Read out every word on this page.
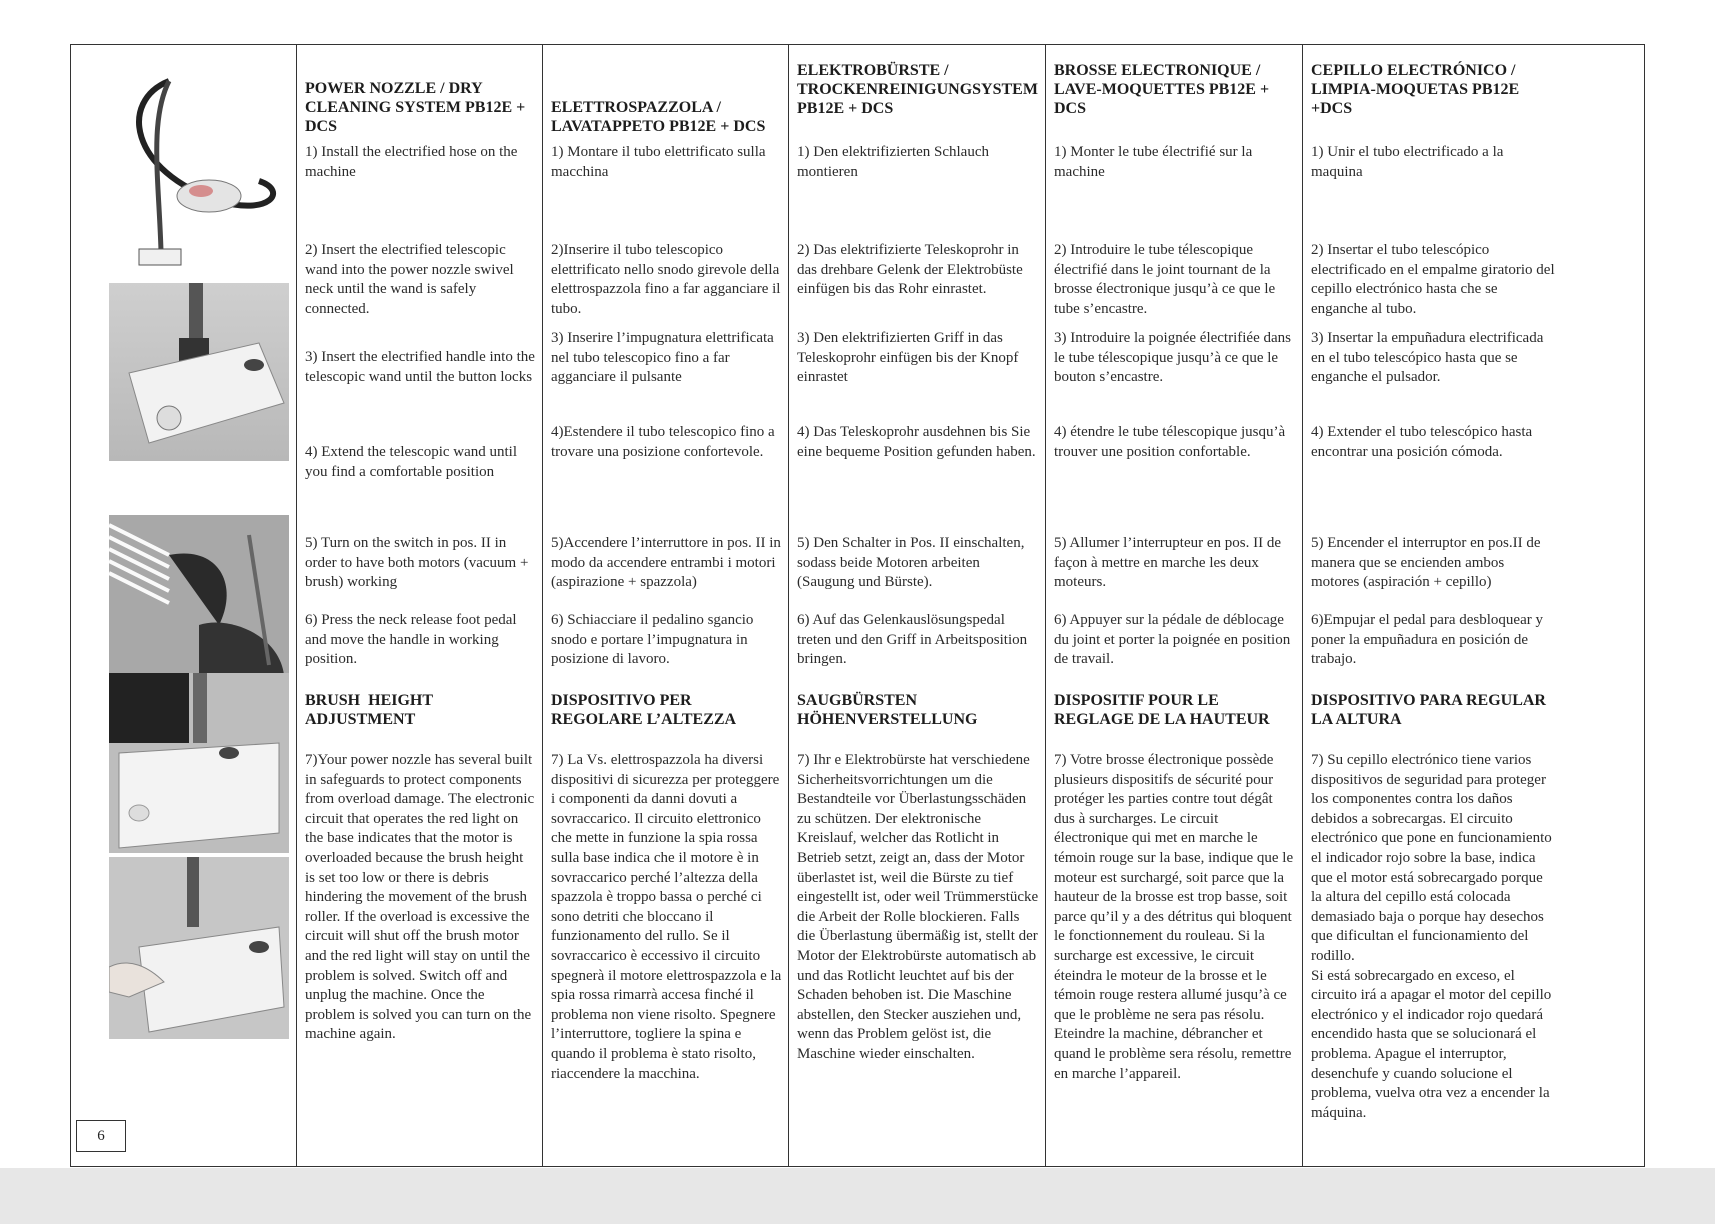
6
POWER NOZZLE / DRY CLEANING SYSTEM PB12E + DCS
1) Install the electrified hose on the machine
2) Insert the electrified telescopic wand into the power nozzle swivel neck until the wand is safely connected.
3) Insert the electrified handle into the telescopic wand until the button locks
4) Extend the telescopic wand until you find a comfortable position
5) Turn on the switch in pos. II in order to have both motors (vacuum + brush) working
6) Press the neck release foot pedal and move the handle in working position.
BRUSH  HEIGHT ADJUSTMENT
7)Your power nozzle has several built in safeguards to protect components from overload damage. The electronic circuit that operates the red light on the base indicates that the motor is overloaded because the brush height is set too low or there is debris hindering the movement of the brush roller. If the overload is excessive the circuit will shut off the brush motor and the red light will stay on until the problem is solved. Switch off and unplug the machine. Once the problem is solved you can turn on the machine again.
ELETTROSPAZZOLA / LAVATAPPETO PB12E + DCS
1) Montare il tubo elettrificato sulla macchina
2)Inserire il tubo telescopico elettrificato nello snodo girevole della elettrospazzola fino a far agganciare il tubo.
3) Inserire l’impugnatura elettrificata nel tubo telescopico fino a far agganciare il pulsante
4)Estendere il tubo telescopico fino a trovare una posizione confortevole.
5)Accendere l’interruttore in pos. II in modo da accendere entrambi i motori (aspirazione + spazzola)
6) Schiacciare il pedalino sgancio snodo e portare l’impugnatura in posizione di lavoro.
DISPOSITIVO PER REGOLARE L’ALTEZZA
7) La Vs. elettrospazzola ha diversi dispositivi di sicurezza per proteggere i componenti da danni dovuti a sovraccarico. Il circuito elettronico che mette in funzione la spia rossa sulla base indica che il motore è in sovraccarico perché l’altezza della spazzola è troppo bassa o perché ci sono detriti che bloccano il funzionamento del rullo. Se il sovraccarico è eccessivo il circuito spegnerà il motore elettrospazzola e la spia rossa rimarrà accesa finché il problema non viene risolto. Spegnere l’interruttore, togliere la spina e quando il problema è stato risolto, riaccendere la macchina.
ELEKTROBÜRSTE / TROCKENREINIGUNGSYSTEM PB12E + DCS
1) Den elektrifizierten Schlauch montieren
2) Das elektrifizierte Teleskoprohr in das drehbare Gelenk der Elektrobüste einfügen bis das Rohr einrastet.
3) Den elektrifizierten Griff in das Teleskoprohr einfügen bis der Knopf einrastet
4) Das Teleskoprohr ausdehnen bis Sie eine bequeme Position gefunden haben.
5) Den Schalter in Pos. II einschalten, sodass beide Motoren arbeiten (Saugung und Bürste).
6) Auf das Gelenkauslösungspedal treten und den Griff in Arbeitsposition bringen.
SAUGBÜRSTEN HÖHENVERSTELLUNG
7) Ihr e Elektrobürste hat verschiedene Sicherheitsvorrichtungen um die Bestandteile vor Überlastungsschäden zu schützen. Der elektronische Kreislauf, welcher das Rotlicht in Betrieb setzt, zeigt an, dass der Motor überlastet ist, weil die Bürste zu tief eingestellt ist, oder weil Trümmerstücke die Arbeit der Rolle blockieren. Falls die Überlastung übermäßig ist, stellt der Motor der Elektrobürste automatisch ab und das Rotlicht leuchtet auf bis der Schaden behoben ist. Die Maschine abstellen, den Stecker ausziehen und, wenn das Problem gelöst ist, die Maschine wieder einschalten.
BROSSE ELECTRONIQUE / LAVE-MOQUETTES PB12E + DCS
1) Monter le tube électrifié sur la machine
2) Introduire le tube télescopique électrifié dans le joint tournant de la brosse électronique jusqu’à ce que le tube s’encastre.
3) Introduire la poignée électrifiée dans le tube télescopique jusqu’à ce que le bouton s’encastre.
4) étendre le tube télescopique jusqu’à trouver une position confortable.
5) Allumer l’interrupteur en pos. II de façon à mettre en marche les deux moteurs.
6) Appuyer sur la pédale de déblocage du joint et porter la poignée en position de travail.
DISPOSITIF POUR LE REGLAGE DE LA HAUTEUR
7) Votre brosse électronique possède plusieurs dispositifs de sécurité pour protéger les parties contre tout dégât dus à surcharges. Le circuit électronique qui met en marche le témoin rouge sur la base, indique que le moteur est surchargé, soit parce que la hauteur de la brosse est trop basse, soit parce qu’il y a des détritus qui bloquent le fonctionnement du rouleau. Si la surcharge est excessive, le circuit éteindra le moteur de la brosse et le témoin rouge restera allumé jusqu’à ce que le problème ne sera pas résolu. Eteindre la machine, débrancher et quand le problème sera résolu, remettre en marche l’appareil.
CEPILLO ELECTRÓNICO / LIMPIA-MOQUETAS PB12E +DCS
1) Unir el tubo electrificado a la maquina
2) Insertar el tubo telescópico electrificado en el empalme giratorio del cepillo electrónico hasta che se enganche al tubo.
3) Insertar la empuñadura electrificada en el tubo telescópico hasta que se enganche el pulsador.
4) Extender el tubo telescópico hasta encontrar una posición cómoda.
5) Encender el interruptor en pos.II de manera que se encienden ambos motores (aspiración + cepillo)
6)Empujar el pedal para desbloquear y poner la empuñadura en posición de trabajo.
DISPOSITIVO PARA REGULAR LA ALTURA
7) Su cepillo electrónico tiene varios dispositivos de seguridad para proteger los componentes contra los daños debidos a sobrecargas. El circuito electrónico que pone en funcionamiento el indicador rojo sobre la base, indica que el motor está sobrecargado porque la altura del cepillo está colocada demasiado baja o porque hay desechos que dificultan el funcionamiento del rodillo.
Si está sobrecargado en exceso, el circuito irá a apagar el motor del cepillo electrónico y el indicador rojo quedará encendido hasta que se solucionará el problema. Apague el interruptor, desenchufe y cuando solucione el problema, vuelva otra vez a encender la máquina.
